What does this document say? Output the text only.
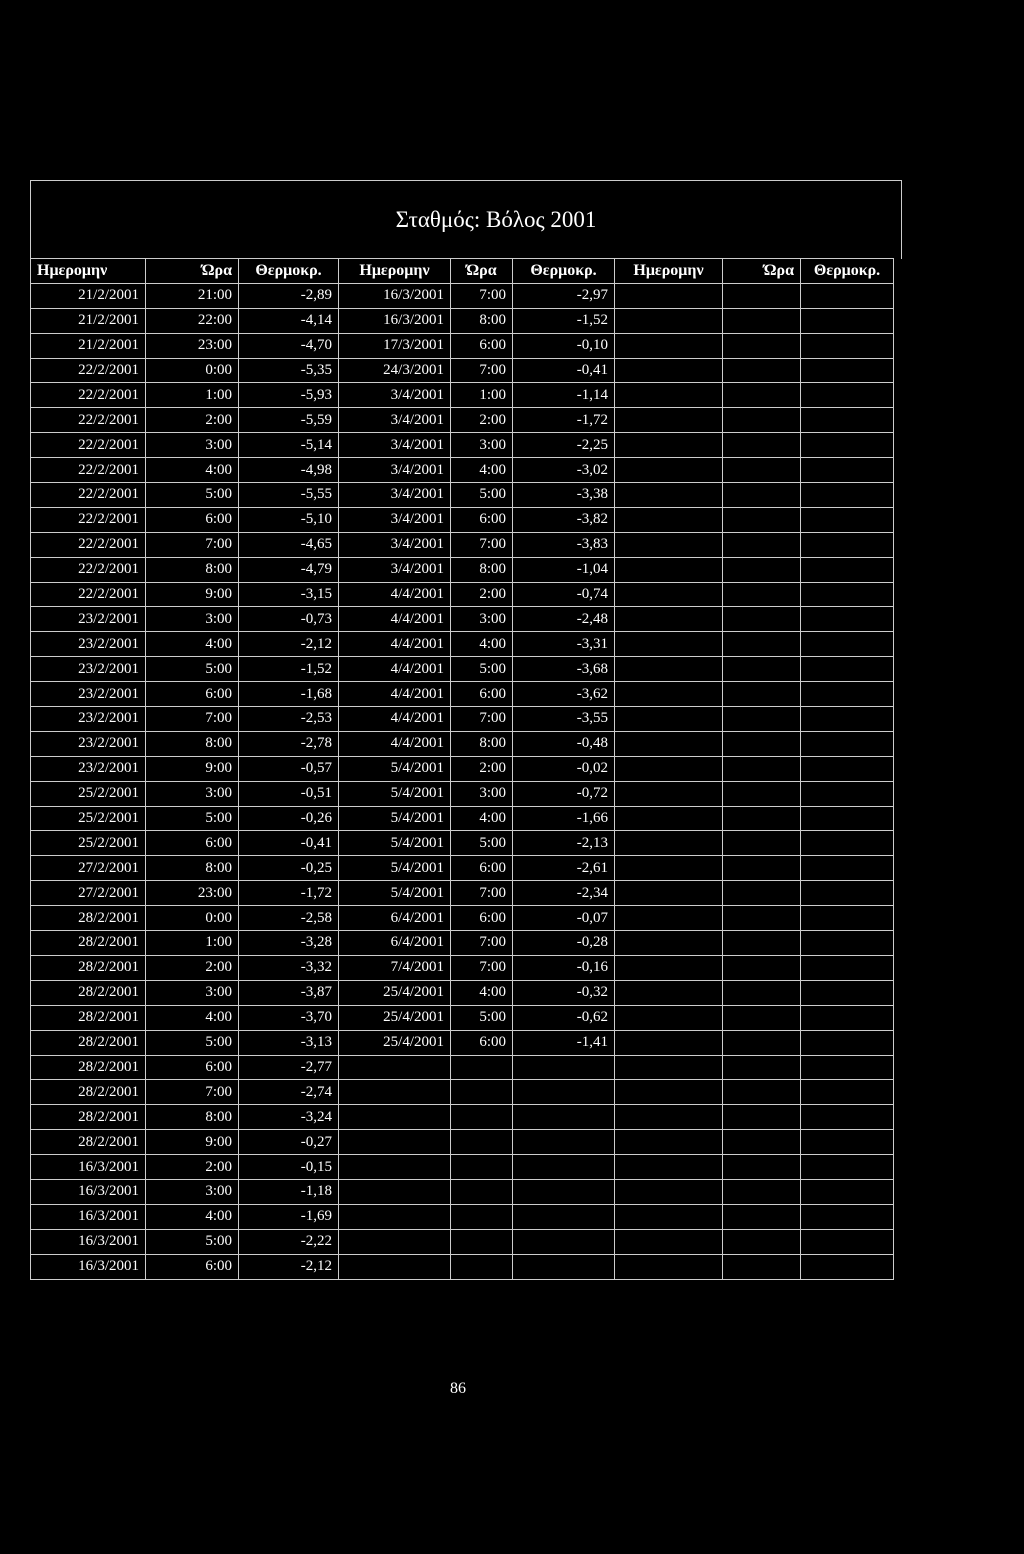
Σταθμός: Βόλος 2001
Ημερομην	Ώρα	Θερμοκρ.	Ημερομην	Ώρα	Θερμοκρ.	Ημερομην	Ώρα	Θερμοκρ.
21/2/2001	21:00	-2,89	16/3/2001	7:00	-2,97			
21/2/2001	22:00	-4,14	16/3/2001	8:00	-1,52			
21/2/2001	23:00	-4,70	17/3/2001	6:00	-0,10			
22/2/2001	0:00	-5,35	24/3/2001	7:00	-0,41			
22/2/2001	1:00	-5,93	3/4/2001	1:00	-1,14			
22/2/2001	2:00	-5,59	3/4/2001	2:00	-1,72			
22/2/2001	3:00	-5,14	3/4/2001	3:00	-2,25			
22/2/2001	4:00	-4,98	3/4/2001	4:00	-3,02			
22/2/2001	5:00	-5,55	3/4/2001	5:00	-3,38			
22/2/2001	6:00	-5,10	3/4/2001	6:00	-3,82			
22/2/2001	7:00	-4,65	3/4/2001	7:00	-3,83			
22/2/2001	8:00	-4,79	3/4/2001	8:00	-1,04			
22/2/2001	9:00	-3,15	4/4/2001	2:00	-0,74			
23/2/2001	3:00	-0,73	4/4/2001	3:00	-2,48			
23/2/2001	4:00	-2,12	4/4/2001	4:00	-3,31			
23/2/2001	5:00	-1,52	4/4/2001	5:00	-3,68			
23/2/2001	6:00	-1,68	4/4/2001	6:00	-3,62			
23/2/2001	7:00	-2,53	4/4/2001	7:00	-3,55			
23/2/2001	8:00	-2,78	4/4/2001	8:00	-0,48			
23/2/2001	9:00	-0,57	5/4/2001	2:00	-0,02			
25/2/2001	3:00	-0,51	5/4/2001	3:00	-0,72			
25/2/2001	5:00	-0,26	5/4/2001	4:00	-1,66			
25/2/2001	6:00	-0,41	5/4/2001	5:00	-2,13			
27/2/2001	8:00	-0,25	5/4/2001	6:00	-2,61			
27/2/2001	23:00	-1,72	5/4/2001	7:00	-2,34			
28/2/2001	0:00	-2,58	6/4/2001	6:00	-0,07			
28/2/2001	1:00	-3,28	6/4/2001	7:00	-0,28			
28/2/2001	2:00	-3,32	7/4/2001	7:00	-0,16			
28/2/2001	3:00	-3,87	25/4/2001	4:00	-0,32			
28/2/2001	4:00	-3,70	25/4/2001	5:00	-0,62			
28/2/2001	5:00	-3,13	25/4/2001	6:00	-1,41			
28/2/2001	6:00	-2,77						
28/2/2001	7:00	-2,74						
28/2/2001	8:00	-3,24						
28/2/2001	9:00	-0,27						
16/3/2001	2:00	-0,15						
16/3/2001	3:00	-1,18						
16/3/2001	4:00	-1,69						
16/3/2001	5:00	-2,22						
16/3/2001	6:00	-2,12						
86
